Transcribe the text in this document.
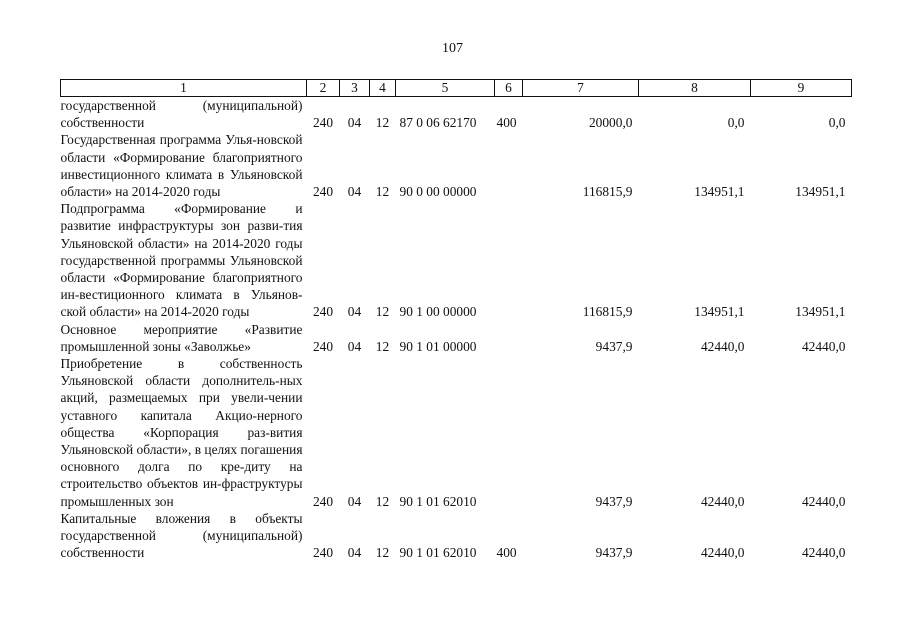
107
1	2	3	4	5	6	7	8	9
государственной (муниципальной) собственности	240	04	12	87 0 06 62170	400	20000,0	0,0	0,0
Государственная программа Улья-новской области «Формирование благоприятного инвестиционного климата в Ульяновской области» на 2014-2020 годы	240	04	12	90 0 00 00000		116815,9	134951,1	134951,1
Подпрограмма «Формирование и развитие инфраструктуры зон разви-тия Ульяновской области» на 2014-2020 годы государственной программы Ульяновской области «Формирование благоприятного ин-вестиционного климата в Ульянов-ской области» на 2014-2020 годы	240	04	12	90 1 00 00000		116815,9	134951,1	134951,1
Основное мероприятие «Развитие промышленной зоны «Заволжье»	240	04	12	90 1 01 00000		9437,9	42440,0	42440,0
Приобретение в собственность Ульяновской области дополнитель-ных акций, размещаемых при увели-чении уставного капитала Акцио-нерного общества «Корпорация раз-вития Ульяновской области», в целях погашения основного долга по кре-диту на строительство объектов ин-фраструктуры промышленных зон	240	04	12	90 1 01 62010		9437,9	42440,0	42440,0
Капитальные вложения в объекты государственной (муниципальной) собственности	240	04	12	90 1 01 62010	400	9437,9	42440,0	42440,0
